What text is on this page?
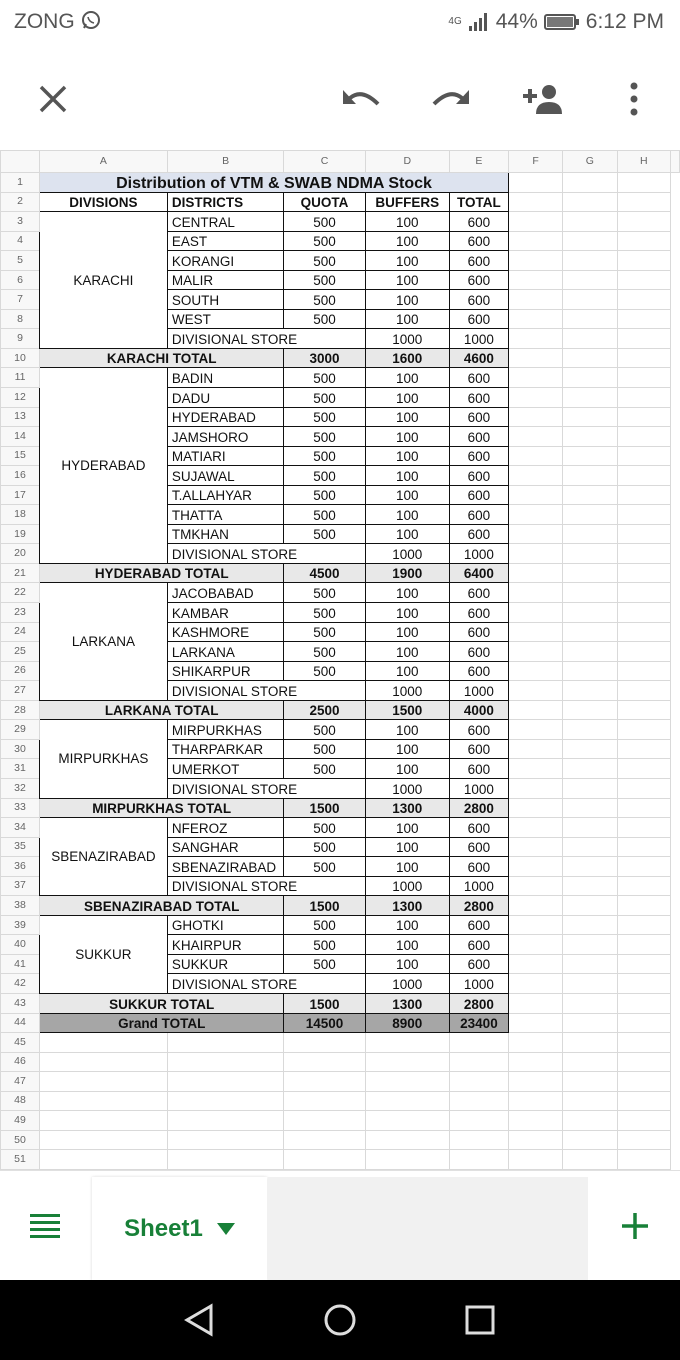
ZONG	4G 44% 6:12 PM
	A	B	C	D	E	F	G	H	
1	Distribution of VTM & SWAB NDMA Stock								
2	DIVISIONS	DISTRICTS	QUOTA	BUFFERS	TOTAL				
3	KARACHI	CENTRAL	500	100	600				
4		EAST	500	100	600				
5		KORANGI	500	100	600				
6		MALIR	500	100	600				
7		SOUTH	500	100	600				
8		WEST	500	100	600				
9		DIVISIONAL STORE		1000	1000				
10	KARACHI TOTAL		3000	1600	4600				
11	HYDERABAD	BADIN	500	100	600				
12		DADU	500	100	600				
13		HYDERABAD	500	100	600				
14		JAMSHORO	500	100	600				
15		MATIARI	500	100	600				
16		SUJAWAL	500	100	600				
17		T.ALLAHYAR	500	100	600				
18		THATTA	500	100	600				
19		TMKHAN	500	100	600				
20		DIVISIONAL STORE		1000	1000				
21	HYDERABAD TOTAL		4500	1900	6400				
22	LARKANA	JACOBABAD	500	100	600				
23		KAMBAR	500	100	600				
24		KASHMORE	500	100	600				
25		LARKANA	500	100	600				
26		SHIKARPUR	500	100	600				
27		DIVISIONAL STORE		1000	1000				
28	LARKANA TOTAL		2500	1500	4000				
29	MIRPURKHAS	MIRPURKHAS	500	100	600				
30		THARPARKAR	500	100	600				
31		UMERKOT	500	100	600				
32		DIVISIONAL STORE		1000	1000				
33	MIRPURKHAS TOTAL		1500	1300	2800				
34	SBENAZIRABAD	NFEROZ	500	100	600				
35		SANGHAR	500	100	600				
36		SBENAZIRABAD	500	100	600				
37		DIVISIONAL STORE		1000	1000				
38	SBENAZIRABAD TOTAL		1500	1300	2800				
39	SUKKUR	GHOTKI	500	100	600				
40		KHAIRPUR	500	100	600				
41		SUKKUR	500	100	600				
42		DIVISIONAL STORE		1000	1000				
43	SUKKUR TOTAL		1500	1300	2800				
44	Grand TOTAL		14500	8900	23400				
45									
46									
47									
48									
49									
50									
51									
Sheet1
